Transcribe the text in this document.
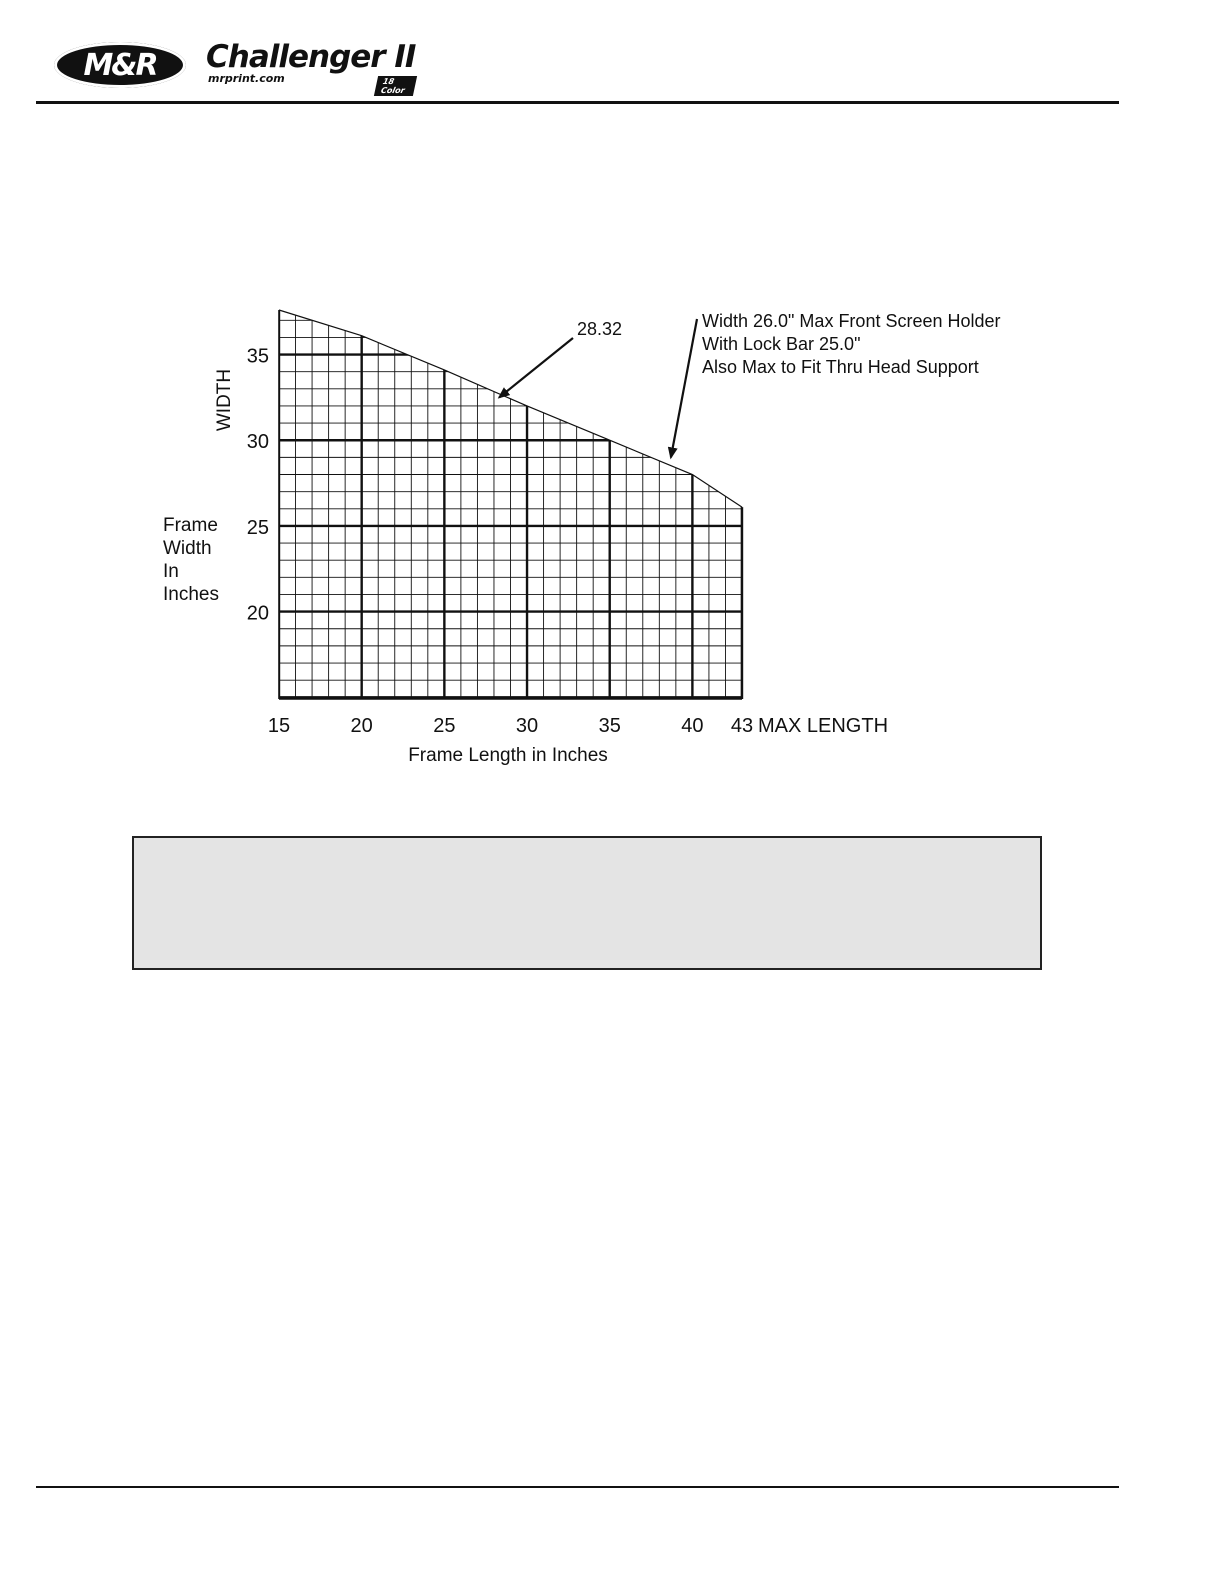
M&R Challenger II
mrprint.com	18 Color
15	20	25	30	35	40 43 MAX LENGTH
Frame Length in Inches
35
30
25
20
WIDTH
Frame
Width
In
Inches
28.32	Width 26.0" Max Front Screen Holder
With Lock Bar 25.0"
Also Max to Fit Thru Head Support
